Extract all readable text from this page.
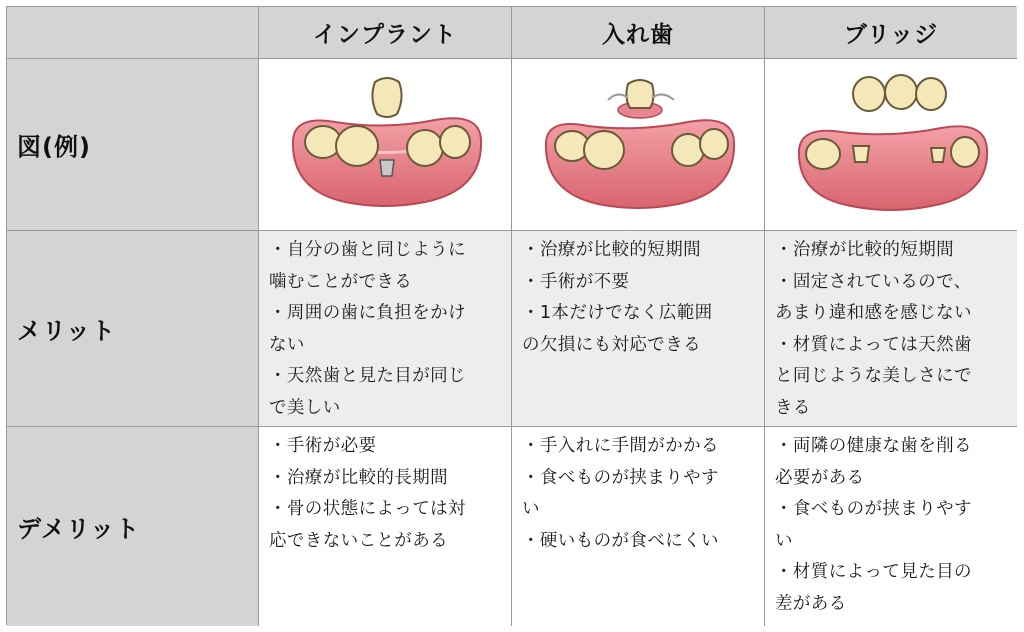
インプラント	入れ歯	ブリッジ
図(例)
メリット
・自分の歯と同じように
噛むことができる
・周囲の歯に負担をかけ
ない
・天然歯と見た目が同じ
で美しい
・治療が比較的短期間
・手術が不要
・1本だけでなく広範囲
の欠損にも対応できる
・治療が比較的短期間
・固定されているので、
あまり違和感を感じない
・材質によっては天然歯
と同じような美しさにで
きる
デメリット
・手術が必要
・治療が比較的長期間
・骨の状態によっては対
応できないことがある
・手入れに手間がかかる
・食べものが挟まりやす
い
・硬いものが食べにくい
・両隣の健康な歯を削る
必要がある
・食べものが挟まりやす
い
・材質によって見た目の
差がある
